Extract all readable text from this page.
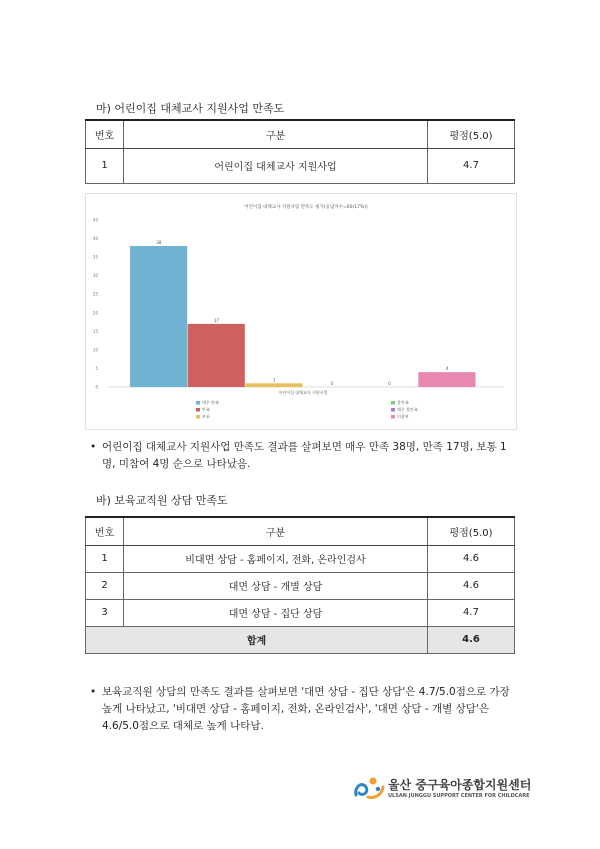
마) 어린이집 대체교사 지원사업 만족도
번호	구분	평점(5.0)
1	어린이집 대체교사 지원사업	4.7
어린이집 대체교사 지원사업 만족도 평가(응답자수=60(17%))
0
5
10
15
20
25
30
35
40
45
38
17
1
0	0
4
어린이집 대체교사 지원사업
매우 만족	불만족
만족	매우 불만족
보통	미참여
• 어린이집 대체교사 지원사업 만족도 결과를 살펴보면 매우 만족 38명, 만족 17명, 보통 1명, 미참여 4명 순으로 나타났음.
바) 보육교직원 상담 만족도
번호	구분	평점(5.0)
1	비대면 상담 - 홈페이지, 전화, 온라인검사	4.6
2	대면 상담 - 개별 상담	4.6
3	대면 상담 - 집단 상담	4.7
합계		4.6
• 보육교직원 상담의 만족도 결과를 살펴보면 '대면 상담 - 집단 상담'은 4.7/5.0점으로 가장 높게 나타났고, '비대면 상담 - 홈페이지, 전화, 온라인검사', '대면 상담 - 개별 상담'은 4.6/5.0점으로 대체로 높게 나타남.
울산 중구육아종합지원센터
ULSAN JUNGGU SUPPORT CENTER FOR CHILDCARE
